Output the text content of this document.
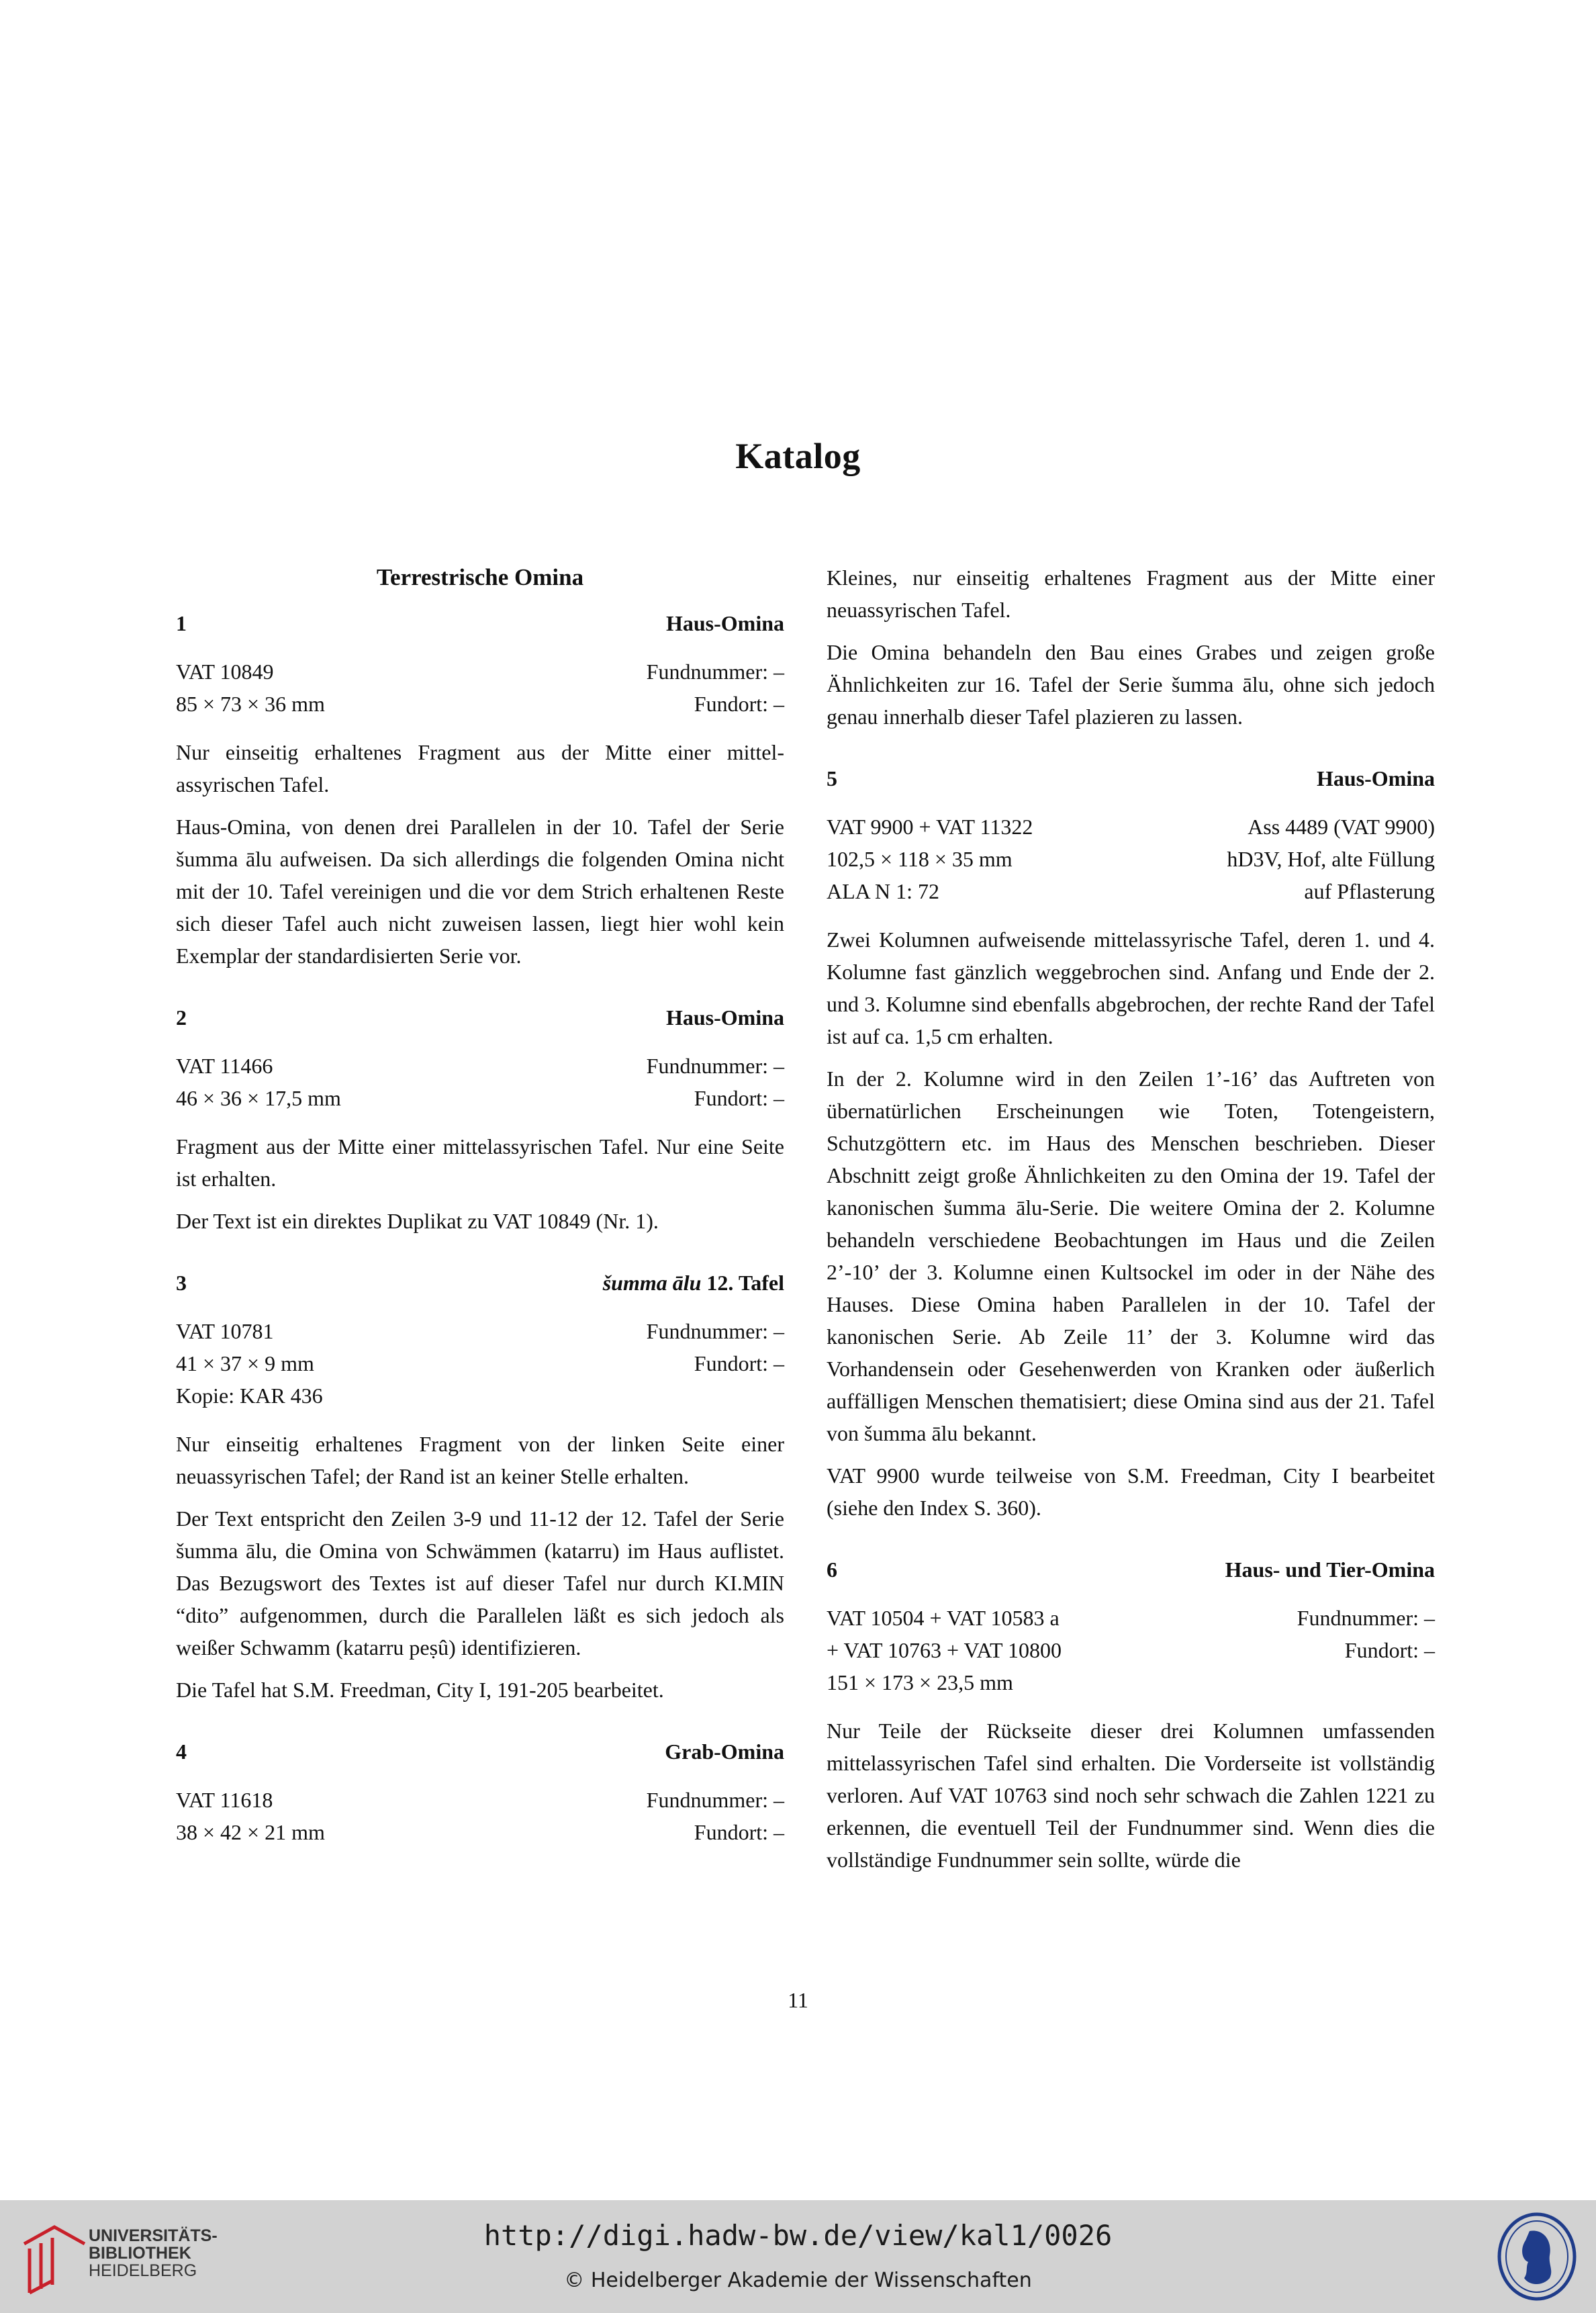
Katalog
Terrestrische Omina
1	Haus-Omina
VAT 10849	Fundnummer: –
85 × 73 × 36 mm	Fundort: –

Nur einseitig erhaltenes Fragment aus der Mitte einer mittel-assyrischen Tafel.

Haus-Omina, von denen drei Parallelen in der 10. Tafel der Serie šumma ālu aufweisen. Da sich allerdings die folgenden Omina nicht mit der 10. Tafel vereinigen und die vor dem Strich erhaltenen Reste sich dieser Tafel auch nicht zuweisen lassen, liegt hier wohl kein Exemplar der standardisierten Serie vor.

2	Haus-Omina
VAT 11466	Fundnummer: –
46 × 36 × 17,5 mm	Fundort: –

Fragment aus der Mitte einer mittelassyrischen Tafel. Nur eine Seite ist erhalten.

Der Text ist ein direktes Duplikat zu VAT 10849 (Nr. 1).

3	šumma ālu 12. Tafel
VAT 10781	Fundnummer: –
41 × 37 × 9 mm	Fundort: –
Kopie: KAR 436

Nur einseitig erhaltenes Fragment von der linken Seite einer neuassyrischen Tafel; der Rand ist an keiner Stelle erhalten.

Der Text entspricht den Zeilen 3-9 und 11-12 der 12. Tafel der Serie šumma ālu, die Omina von Schwämmen (katarru) im Haus auflistet. Das Bezugswort des Textes ist auf dieser Tafel nur durch KI.MIN “dito” aufgenommen, durch die Parallelen läßt es sich jedoch als weißer Schwamm (katarru peṣû) identifizieren.

Die Tafel hat S.M. Freedman, City I, 191-205 bearbeitet.

4	Grab-Omina
VAT 11618	Fundnummer: –
38 × 42 × 21 mm	Fundort: –

Kleines, nur einseitig erhaltenes Fragment aus der Mitte einer neuassyrischen Tafel.

Die Omina behandeln den Bau eines Grabes und zeigen große Ähnlichkeiten zur 16. Tafel der Serie šumma ālu, ohne sich jedoch genau innerhalb dieser Tafel plazieren zu lassen.

5	Haus-Omina
VAT 9900 + VAT 11322	Ass 4489 (VAT 9900)
102,5 × 118 × 35 mm	hD3V, Hof, alte Füllung
ALA N 1: 72	auf Pflasterung

Zwei Kolumnen aufweisende mittelassyrische Tafel, deren 1. und 4. Kolumne fast gänzlich weggebrochen sind. Anfang und Ende der 2. und 3. Kolumne sind ebenfalls abgebrochen, der rechte Rand der Tafel ist auf ca. 1,5 cm erhalten.

In der 2. Kolumne wird in den Zeilen 1’-16’ das Auftreten von übernatürlichen Erscheinungen wie Toten, Totengeistern, Schutzgöttern etc. im Haus des Menschen beschrieben. Dieser Abschnitt zeigt große Ähnlichkeiten zu den Omina der 19. Tafel der kanonischen šumma ālu-Serie. Die weitere Omina der 2. Kolumne behandeln verschiedene Beobachtungen im Haus und die Zeilen 2’-10’ der 3. Kolumne einen Kultsockel im oder in der Nähe des Hauses. Diese Omina haben Parallelen in der 10. Tafel der kanonischen Serie. Ab Zeile 11’ der 3. Kolumne wird das Vorhandensein oder Gesehenwerden von Kranken oder äußerlich auffälligen Menschen thematisiert; diese Omina sind aus der 21. Tafel von šumma ālu bekannt.

VAT 9900 wurde teilweise von S.M. Freedman, City I bearbeitet (siehe den Index S. 360).

6	Haus- und Tier-Omina
VAT 10504 + VAT 10583 a	Fundnummer: –
+ VAT 10763 + VAT 10800	Fundort: –
151 × 173 × 23,5 mm

Nur Teile der Rückseite dieser drei Kolumnen umfassenden mittelassyrischen Tafel sind erhalten. Die Vorderseite ist vollständig verloren. Auf VAT 10763 sind noch sehr schwach die Zahlen 1221 zu erkennen, die eventuell Teil der Fundnummer sind. Wenn dies die vollständige Fundnummer sein sollte, würde die

11
UNIVERSITÄTS-
BIBLIOTHEK
HEIDELBERG
http://digi.hadw-bw.de/view/kal1/0026
© Heidelberger Akademie der Wissenschaften
